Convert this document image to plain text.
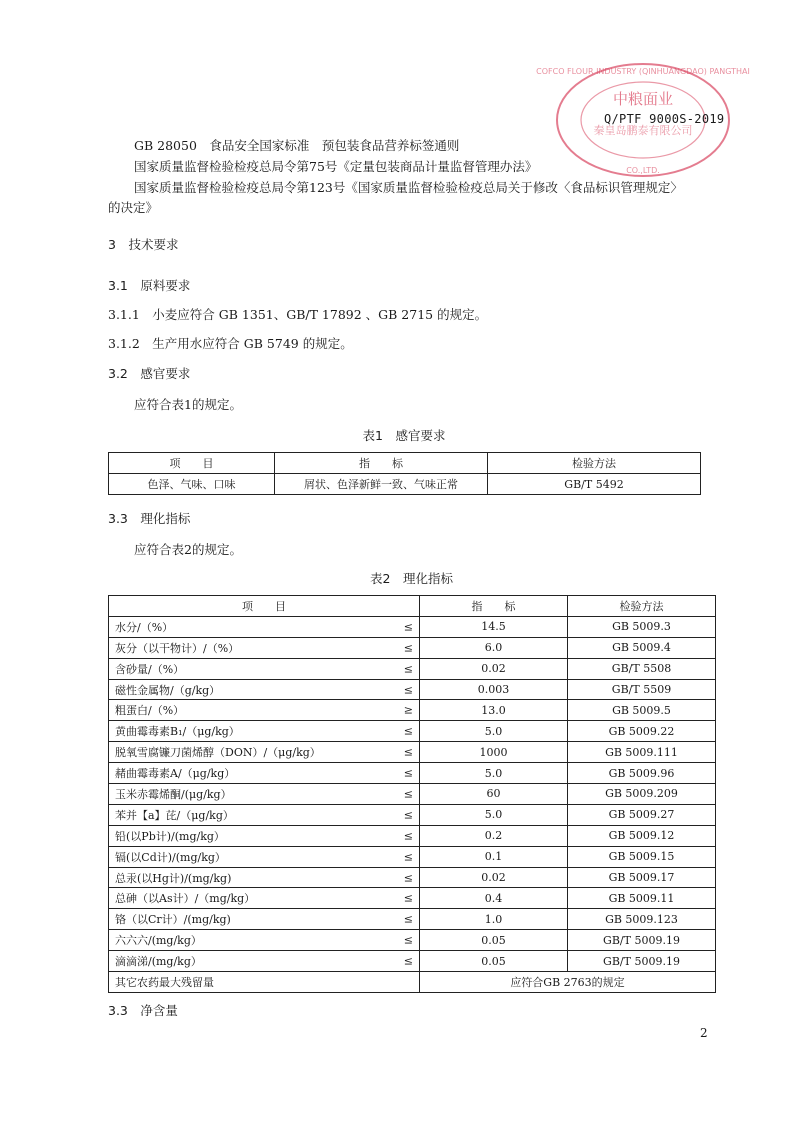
COFCO FLOUR INDUSTRY (QINHUANGDAO) PANGTHAI
CO.,LTD.
中粮面业
秦皇岛鹏泰有限公司
Q/PTF 9000S-2019
GB 28050　食品安全国家标准　预包装食品营养标签通则
国家质量监督检验检疫总局令第75号《定量包装商品计量监督管理办法》
国家质量监督检验检疫总局令第123号《国家质量监督检验检疫总局关于修改〈食品标识管理规定〉
的决定》
3　技术要求
3.1　原料要求
3.1.1　小麦应符合 GB 1351、GB/T 17892 、GB 2715 的规定。
3.1.2　生产用水应符合 GB 5749 的规定。
3.2　感官要求
应符合表1的规定。
表1　感官要求
项　　目	指　　标	检验方法
色泽、气味、口味	屑状、色泽新鲜一致、气味正常	GB/T 5492
3.3　理化指标
应符合表2的规定。
表2　理化指标
项　　目	指　　标	检验方法

水分/（%） ≤	14.5	GB 5009.3

灰分（以干物计）/（%） ≤	6.0	GB 5009.4

含砂量/（%） ≤	0.02	GB/T 5508

磁性金属物/（g/kg） ≤	0.003	GB/T 5509

粗蛋白/（%） ≥	13.0	GB 5009.5

黄曲霉毒素B₁/（μg/kg） ≤	5.0	GB 5009.22

脱氧雪腐镰刀菌烯醇（DON）/（μg/kg） ≤	1000	GB 5009.111

赭曲霉毒素A/（μg/kg） ≤	5.0	GB 5009.96

玉米赤霉烯酮/(μg/kg） ≤	60	GB 5009.209

苯并【a】芘/（μg/kg） ≤	5.0	GB 5009.27

铅(以Pb计)/(mg/kg） ≤	0.2	GB 5009.12

镉(以Cd计)/(mg/kg） ≤	0.1	GB 5009.15

总汞(以Hg计)/(mg/kg) ≤	0.02	GB 5009.17

总砷（以As计）/（mg/kg） ≤	0.4	GB 5009.11

铬（以Cr计）/(mg/kg) ≤	1.0	GB 5009.123

六六六/(mg/kg） ≤	0.05	GB/T 5009.19

滴滴涕/(mg/kg） ≤	0.05	GB/T 5009.19
其它农药最大残留量	应符合GB 2763的规定	
3.3　净含量
2
